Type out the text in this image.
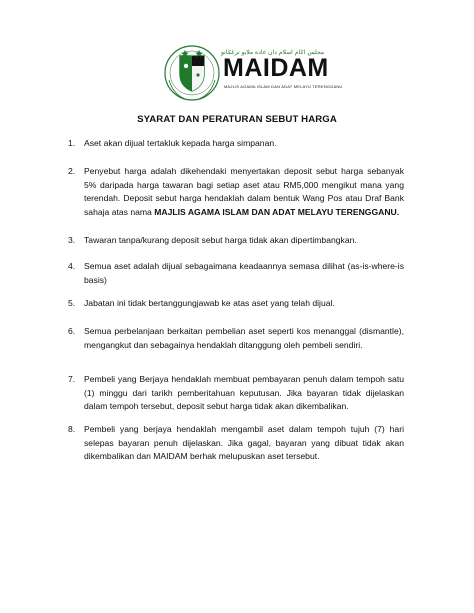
مجلس اݢام اسلام دان عادة ملايو ترڠݢانو
MAIDAM
MAJLIS AGAMA ISLAM DAN ADAT MELAYU TERENGGANU
SYARAT DAN PERATURAN SEBUT HARGA
1.	Aset akan dijual tertakluk kepada harga simpanan.
2.	Penyebut harga adalah dikehendaki menyertakan deposit sebut harga sebanyak 5% daripada harga tawaran bagi setiap aset atau RM5,000 mengikut mana yang terendah. Deposit sebut harga hendaklah dalam bentuk Wang Pos atau Draf Bank sahaja atas nama MAJLIS AGAMA ISLAM DAN ADAT MELAYU TERENGGANU.
3.	Tawaran tanpa/kurang deposit sebut harga tidak akan dipertimbangkan.
4.	Semua aset adalah dijual sebagaimana keadaannya semasa dilihat (as-is-where-is basis)
5.	Jabatan ini tidak bertanggungjawab ke atas aset yang telah dijual.
6.	Semua perbelanjaan berkaitan pembelian aset seperti kos menanggal (dismantle), mengangkut dan sebagainya hendaklah ditanggung oleh pembeli sendiri.
7.	Pembeli yang Berjaya hendaklah membuat pembayaran penuh dalam tempoh satu (1) minggu dari tarikh pemberitahuan keputusan. Jika bayaran tidak dijelaskan dalam tempoh tersebut, deposit sebut harga tidak akan dikembalikan.
8.	Pembeli yang berjaya hendaklah mengambil aset dalam tempoh tujuh (7) hari selepas bayaran penuh dijelaskan. Jika gagal, bayaran yang dibuat tidak akan dikembalikan dan MAIDAM berhak melupuskan aset tersebut.
